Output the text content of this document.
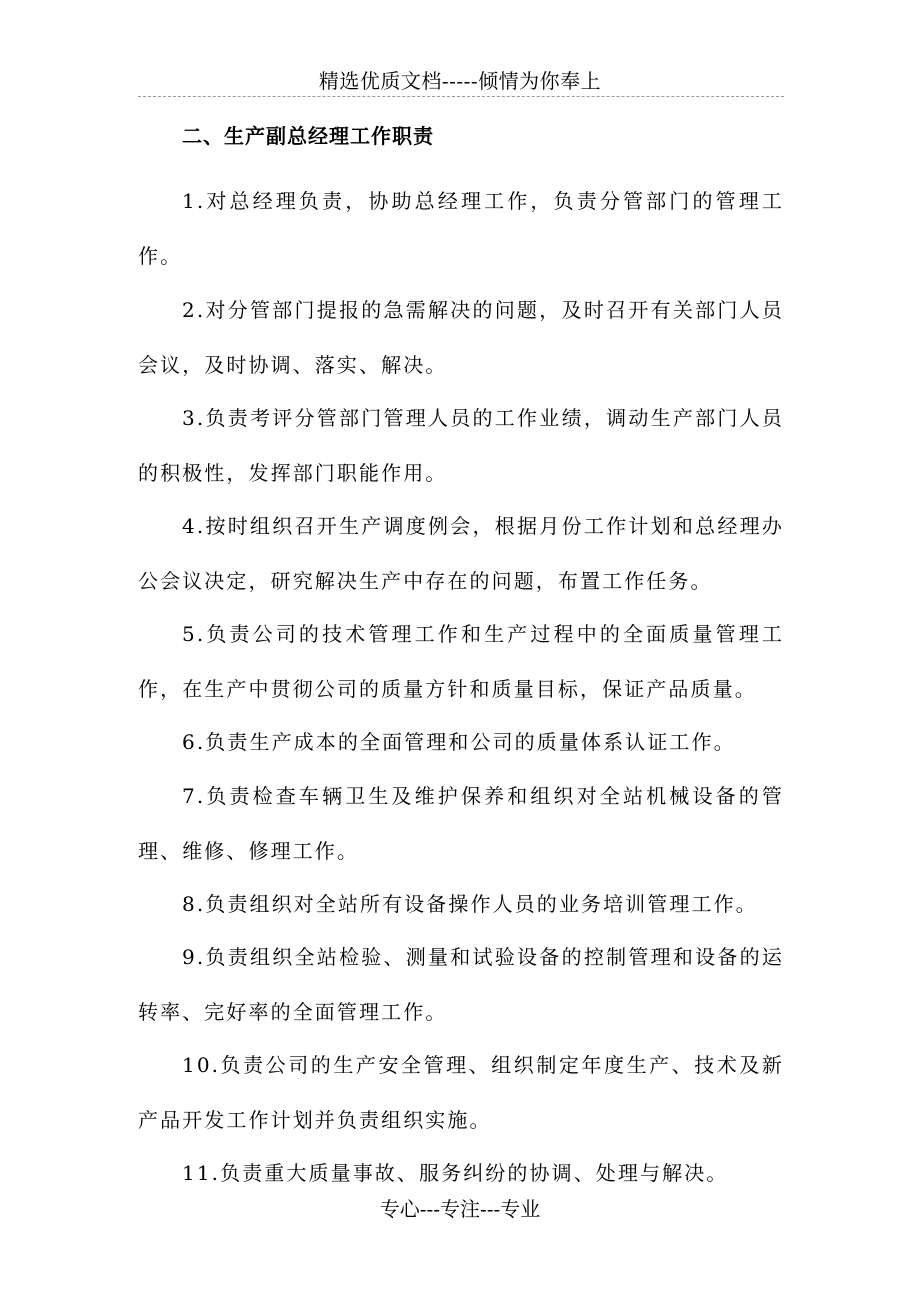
精选优质文档-----倾情为你奉上
二、生产副总经理工作职责

1.对总经理负责，协助总经理工作，负责分管部门的管理工作。

2.对分管部门提报的急需解决的问题，及时召开有关部门人员会议，及时协调、落实、解决。

3.负责考评分管部门管理人员的工作业绩，调动生产部门人员的积极性，发挥部门职能作用。

4.按时组织召开生产调度例会，根据月份工作计划和总经理办公会议决定，研究解决生产中存在的问题，布置工作任务。

5.负责公司的技术管理工作和生产过程中的全面质量管理工作，在生产中贯彻公司的质量方针和质量目标，保证产品质量。

6.负责生产成本的全面管理和公司的质量体系认证工作。

7.负责检查车辆卫生及维护保养和组织对全站机械设备的管理、维修、修理工作。

8.负责组织对全站所有设备操作人员的业务培训管理工作。

9.负责组织全站检验、测量和试验设备的控制管理和设备的运转率、完好率的全面管理工作。

10.负责公司的生产安全管理、组织制定年度生产、技术及新产品开发工作计划并负责组织实施。

11.负责重大质量事故、服务纠纷的协调、处理与解决。

专心---专注---专业
